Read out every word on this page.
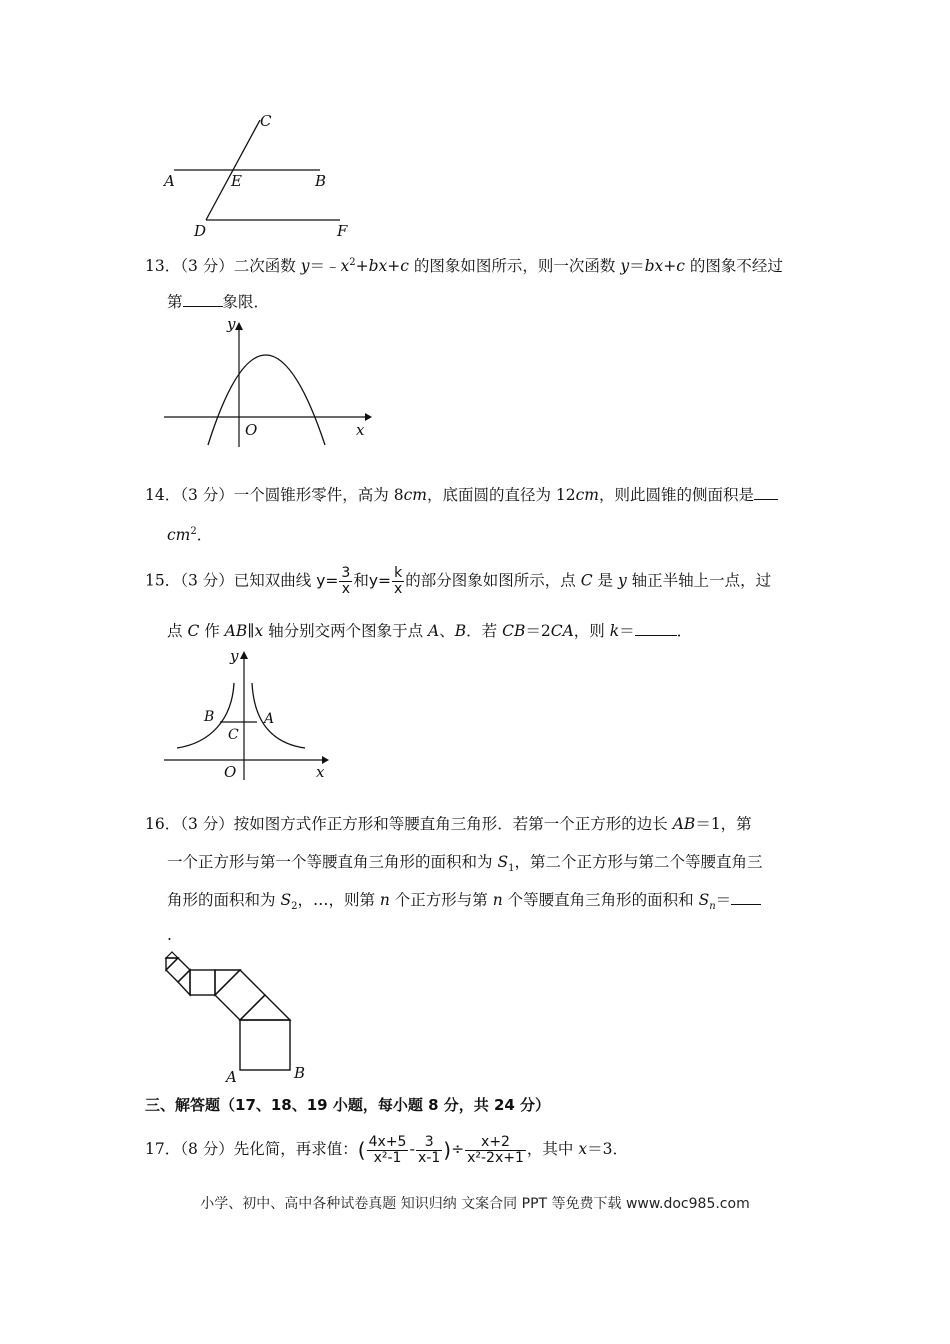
C
A	E	B
D	F
13．（3 分）二次函数 $y=﹣x^2+bx+c$ 的图象如图所示，则一次函数 y＝bx+c 的图象不经过
第	象限．
y
O	x
14．（3 分）一个圆锥形零件，高为 8cm，底面圆的直径为 12cm，则此圆锥的侧面积是
$cm^2$．
15．（3 分）已知双曲线 $y= \frac{3}{x}$ 和$y= \frac{k}{x}$ 的部分图象如图所示，点 C 是 y 轴正半轴上一点，过
点 C 作 AB∥x 轴分别交两个图象于点 A、B．若 CB＝2CA，则 k＝	．
y
B	A
C
O	x
16．（3 分）按如图方式作正方形和等腰直角三角形．若第一个正方形的边长 AB＝1，第
一个正方形与第一个等腰直角三角形的面积和为 $S_1$，第二个正方形与第二个等腰直角三
角形的面积和为 $S_2$，…，则第 n 个正方形与第 n 个等腰直角三角形的面积和 $S_n=$
.
A	B
三、解答题（17、18、19 小题，每小题 8 分，共 24 分）
17．（8 分）先化简，再求值：( $\frac{4x+5}{\text{x²-1}} - \frac{3}{x-1}$ )÷ $\frac{x+2}{\text{x²-2x+1}}$ ，其中 x＝3．
小学、初中、高中各种试卷真题 知识归纳 文案合同 PPT 等免费下载 www.doc985.com
